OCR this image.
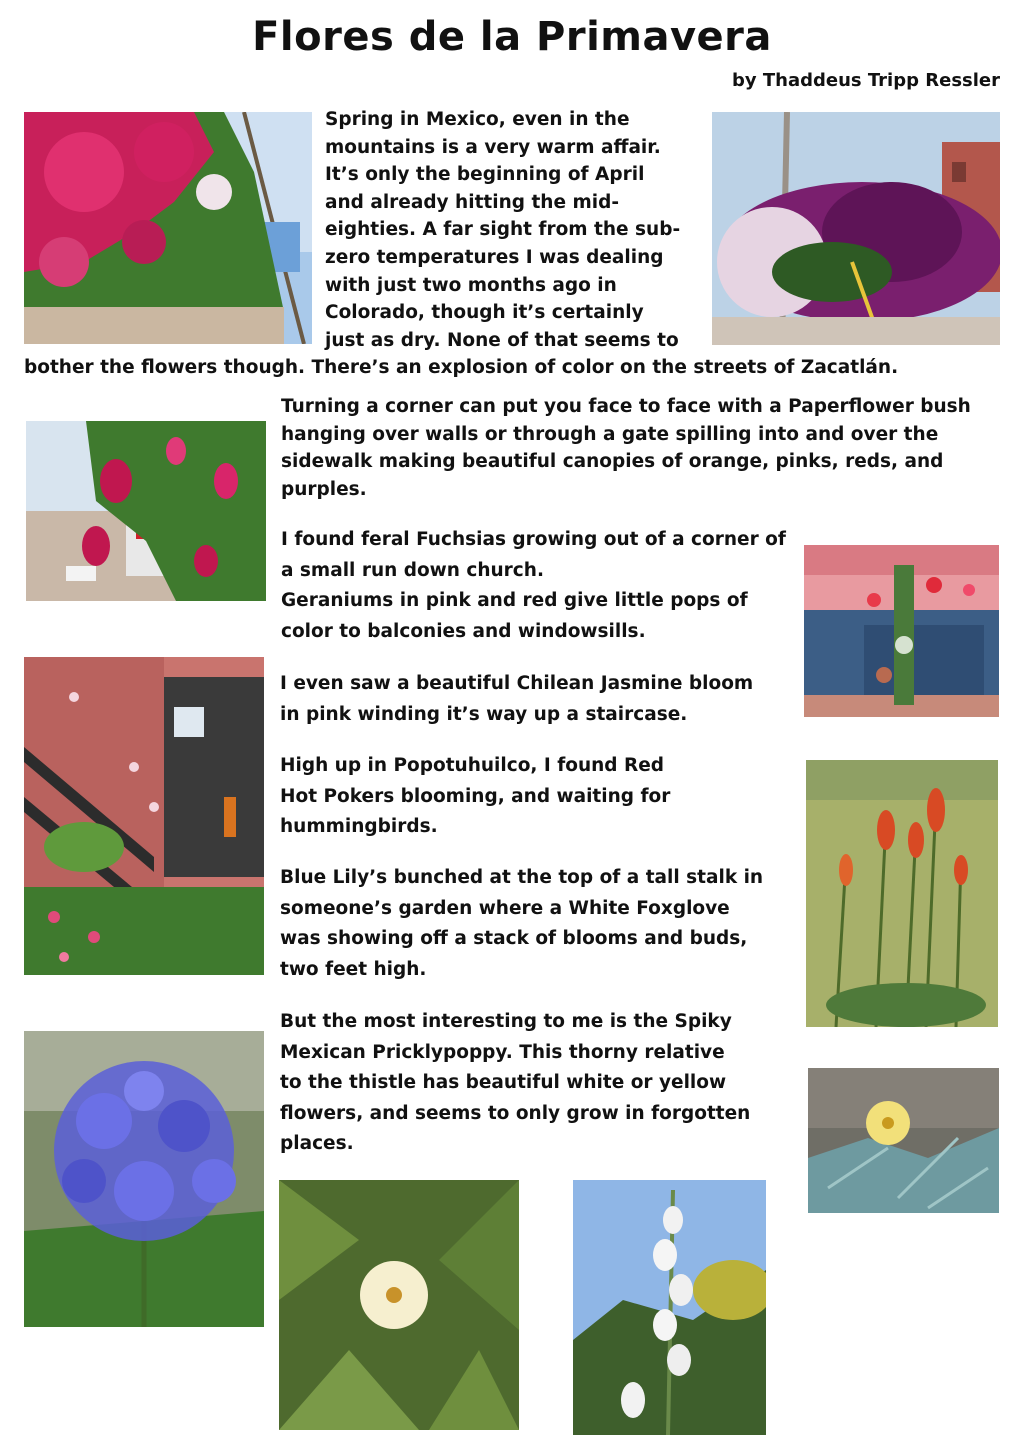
Flores de la Primavera
by Thaddeus Tripp Ressler
Spring in Mexico, even in the
mountains is a very warm affair.
It’s only the beginning of April
and already hitting the mid-
eighties. A far sight from the sub-
zero temperatures I was dealing
with just two months ago in
Colorado, though it’s certainly
just as dry. None of that seems to
bother the flowers though. There’s an explosion of color on the streets of Zacatlán.
Turning a corner can put you face to face with a Paperflower bush
hanging over walls or through a gate spilling into and over the
sidewalk making beautiful canopies of orange, pinks, reds, and
purples.
I found feral Fuchsias growing out of a corner of
a small run down church.
Geraniums in pink and red give little pops of
color to balconies and windowsills.
I even saw a beautiful Chilean Jasmine bloom
in pink winding it’s way up a staircase.
High up in Popotuhuilco, I found Red
Hot Pokers blooming, and waiting for
hummingbirds.
Blue Lily’s bunched at the top of a tall stalk in
someone’s garden where a White Foxglove
was showing off a stack of blooms and buds,
two feet high.
But the most interesting to me is the Spiky
Mexican Pricklypoppy. This thorny relative
to the thistle has beautiful white or yellow
flowers, and seems to only grow in forgotten
places.
